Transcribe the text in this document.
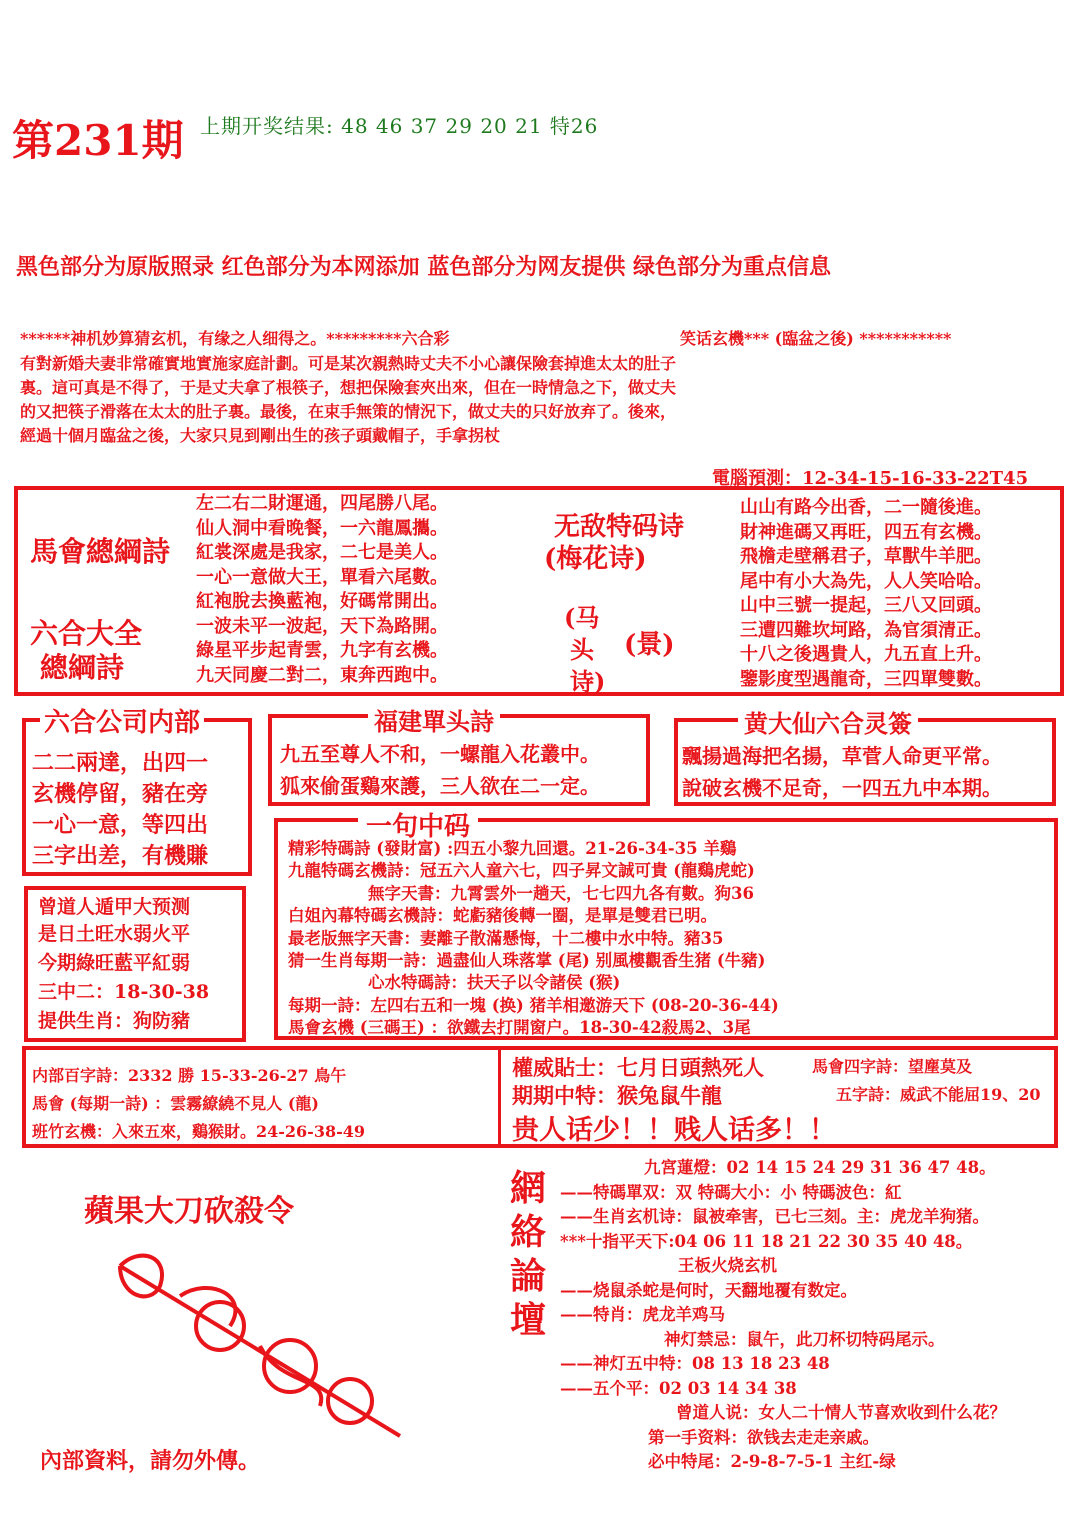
第231期 上期开奖结果: 48 46 37 29 20 21 特26
黑色部分为原版照录 红色部分为本网添加 蓝色部分为网友提供 绿色部分为重点信息
******神机妙算猜玄机，有缘之人细得之。*********六合彩	笑话玄機*** (臨盆之後) ***********

有對新婚夫妻非常確實地實施家庭計劃。可是某次親熱時丈夫不小心讓保險套掉進太太的肚子

裏。這可真是不得了，于是丈夫拿了根筷子，想把保險套夾出來，但在一時情急之下，做丈夫

的又把筷子滑落在太太的肚子裏。最後，在束手無策的情況下，做丈夫的只好放弃了。後來，

經過十個月臨盆之後，大家只見到剛出生的孩子頭戴帽子，手拿拐杖

電腦預測：12-34-15-16-33-22T45
馬會總綱詩
六合大全
總綱詩
左二右二財運通，四尾勝八尾。
仙人洞中看晚餐，一六龍鳳攜。
紅裳深處是我家，二七是美人。
一心一意做大王，單看六尾數。
紅袍脫去換藍袍，好碼常開出。
一波未平一波起，天下為路開。
綠星平步起青雲，九字有玄機。
九天同慶二對二，東奔西跑中。
无敌特码诗
(梅花诗)
(马
头 (景)
诗)
山山有路今出香，二一隨後進。
財神進碼又再旺，四五有玄機。
飛檐走壁稱君子，草獸牛羊肥。
尾中有小大為先，人人笑哈哈。
山中三號一提起，三八又回頭。
三遭四難坎坷路，為官須清正。
十八之後遇貴人，九五直上升。
鑒影度型遇龍奇，三四單雙數。
六合公司内部
二二兩達，出四一
玄機停留，豬在旁
一心一意，等四出
三字出差，有機賺
福建單头詩
九五至尊人不和，一螺龍入花叢中。
狐來偷蛋鷄來護，三人欲在二一定。
黄大仙六合灵簽
飄揚過海把名揚，草菅人命更平常。
說破玄機不足奇，一四五九中本期。
曾道人遁甲大预测
是日土旺水弱火平
今期綠旺藍平紅弱
三中二：18-30-38
提供生肖：狗防豬
一句中码
精彩特碼詩 (發財富) :四五小黎九回還。21-26-34-35 羊鷄
九龍特碼玄機詩：冠五六人童六七，四子昇文誠可貴 (龍鷄虎蛇)
無字天書：九霄雲外一趟天，七七四九各有數。狗36
白姐內幕特碼玄機詩：蛇虧豬後轉一圈，是單是雙君已明。
最老版無字天書：妻離子散滿懸悔，十二樓中水中特。豬35
猜一生肖每期一詩：過盡仙人珠落掌 (尾) 别風樓觀香生猪 (牛豬)
心水特碼詩：扶天子以令諸侯 (猴)
每期一詩：左四右五和一塊 (换) 猪羊相邀游天下 (08-20-36-44)
馬會玄機 (三碼王) ：欲鐵去打開窗户。18-30-42殺馬2、3尾
内部百字詩：2332 勝 15-33-26-27 鳥午
馬會 (每期一詩) ：雲霧繚繞不見人 (龍)
班竹玄機：入來五來，鷄猴財。24-26-38-49
權威貼士：七月日頭熱死人	馬會四字詩：望塵莫及
期期中特：猴兔鼠牛龍	五字詩：威武不能屈19、20
贵人话少！！贱人话多！！
蘋果大刀砍殺令
內部資料，請勿外傳。
網
絡
論
壇
九宮蓮燈：02 14 15 24 29 31 36 47 48。
——特碼單双：双 特碼大小：小 特碼波色：紅
——生肖玄机诗：鼠被牵害，已七三刻。主：虎龙羊狗猪。
***十指平天下:04 06 11 18 21 22 30 35 40 48。
王板火烧玄机
——烧鼠杀蛇是何时，天翻地覆有数定。
——特肖：虎龙羊鸡马
神灯禁忌：鼠午，此刀杯切特码尾示。
——神灯五中特：08 13 18 23 48
——五个平：02 03 14 34 38
曾道人说：女人二十情人节喜欢收到什么花？
第一手资料：欲钱去走走亲戚。
必中特尾：2-9-8-7-5-1 主红-绿
